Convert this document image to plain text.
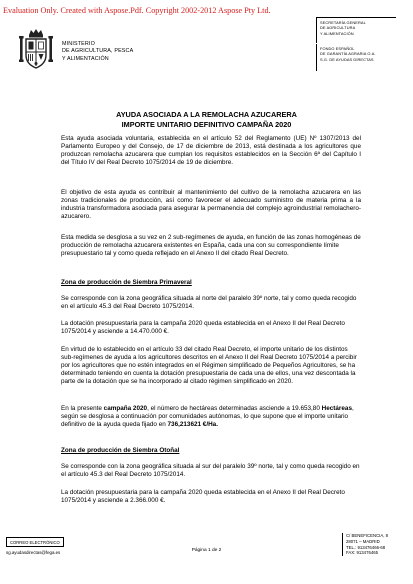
Evaluation Only. Created with Aspose.Pdf. Copyright 2002-2012 Aspose Pty Ltd.
MINISTERIO
DE AGRICULTURA, PESCA
Y ALIMENTACIÓN
SECRETARÍA GENERAL
DE AGRICULTURA
Y ALIMENTACIÓN
FONDO ESPAÑOL
DE GARANTÍA AGRARIA O.A.
S.G. DE AYUDAS DIRECTAS
AYUDA ASOCIADA A LA REMOLACHA AZUCARERA
IMPORTE UNITARIO DEFINITIVO CAMPAÑA 2020

Esta ayuda asociada voluntaria, establecida en el artículo 52 del Reglamento (UE) Nº 1307/2013 del Parlamento Europeo y del Consejo, de 17 de diciembre de 2013, está destinada a los agricultores que produzcan remolacha azucarera que cumplan los requisitos establecidos en la Sección 6ª del Capítulo I del Título IV del Real Decreto 1075/2014 de 19 de diciembre.

El objetivo de esta ayuda es contribuir al mantenimiento del cultivo de la remolacha azucarera en las zonas tradicionales de producción, así como favorecer el adecuado suministro de materia prima a la industria transformadora asociada para asegurar la permanencia del complejo agroindustrial remolachero-azucarero.

Esta medida se desglosa a su vez en 2 sub-regímenes de ayuda, en función de las zonas homogéneas de producción de remolacha azucarera existentes en España, cada una con su correspondiente límite presupuestario tal y como queda reflejado en el Anexo II del citado Real Decreto.

Zona de producción de Siembra Primaveral

Se corresponde con la zona geográfica situada al norte del paralelo 39º norte, tal y como queda recogido en el artículo 45.3 del Real Decreto 1075/2014.

La dotación presupuestaria para la campaña 2020 queda establecida en el Anexo II del Real Decreto 1075/2014 y asciende a 14.470.000 €.

En virtud de lo establecido en el artículo 33 del citado Real Decreto, el importe unitario de los distintos sub-regímenes de ayuda a los agricultores descritos en el Anexo II del Real Decreto 1075/2014 a percibir por los agricultores que no estén integrados en el Régimen simplificado de Pequeños Agricultores, se ha determinado teniendo en cuenta la dotación presupuestaria de cada una de ellos, una vez descontada la parte de la dotación que se ha incorporado al citado régimen simplificado en 2020.

En la presente campaña 2020, el número de hectáreas determinadas asciende a 19.653,80 Hectáreas, según se desglosa a continuación por comunidades autónomas, lo que supone que el importe unitario definitivo de la ayuda queda fijado en 736,213621 €/Ha.

Zona de producción de Siembra Otoñal

Se corresponde con la zona geográfica situada al sur del paralelo 39º norte, tal y como queda recogido en el artículo 45.3 del Real Decreto 1075/2014.

La dotación presupuestaria para la campaña 2020 queda establecida en el Anexo II del Real Decreto 1075/2014 y asciende a 2.366.000 €.

CORREO ELECTRÓNICO
sg.ayudasdirectas@fega.es	Página 1 de 2
C/ BENEFICENCIA, 8
28071 – MADRID
TEL.: 913476466-68
FAX: 913476465
